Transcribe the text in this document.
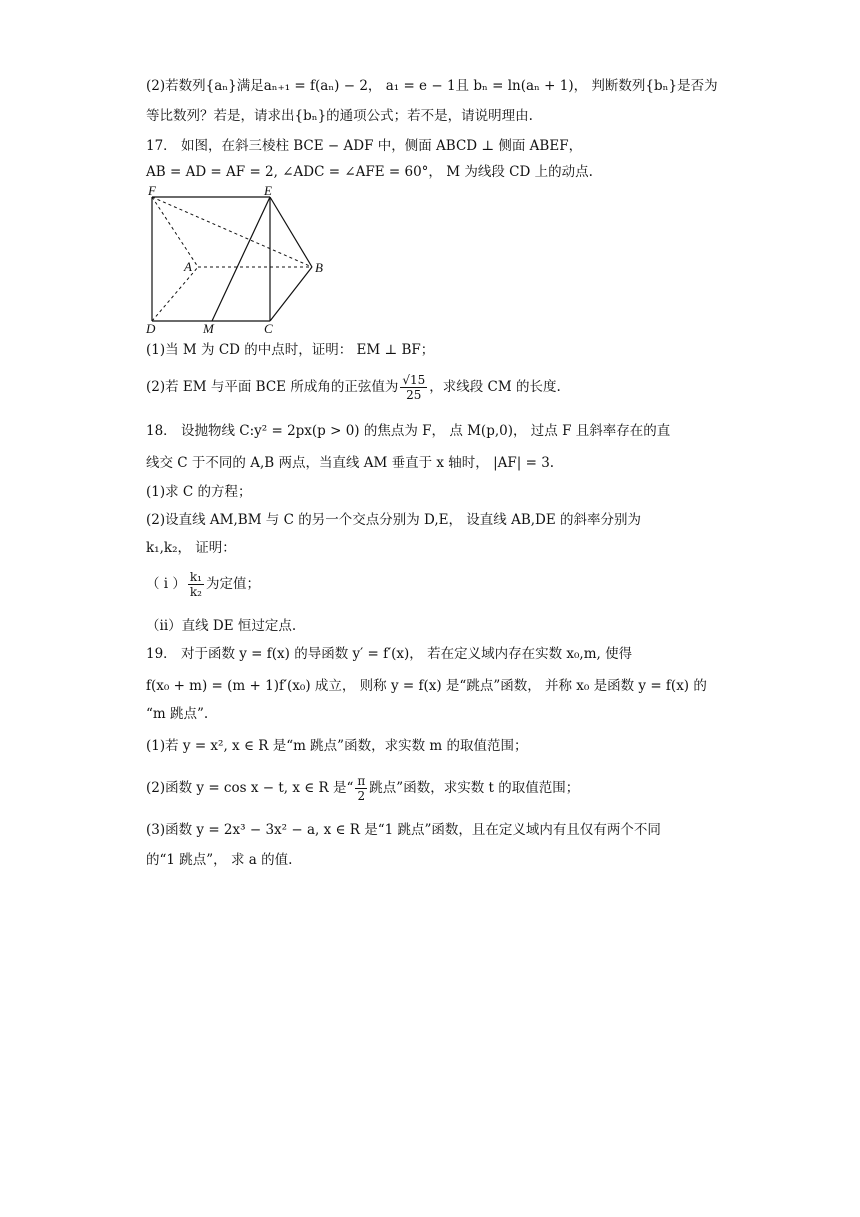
(2)若数列{aₙ}满足aₙ₊₁ = f(aₙ) − 2， a₁ = e − 1且 bₙ = ln(aₙ + 1)， 判断数列{bₙ}是否为
等比数列？若是，请求出{bₙ}的通项公式；若不是，请说明理由.
17． 如图，在斜三棱柱 BCE − ADF 中，侧面 ABCD ⊥ 侧面 ABEF，
AB = AD = AF = 2, ∠ADC = ∠AFE = 60°， M 为线段 CD 上的动点.
F	E
A	B
D	M	C
(1)当 M 为 CD 的中点时，证明： EM ⊥ BF；
(2)若 EM 与平面 BCE 所成角的正弦值为 $\frac{√15}{25}$ ，求线段 CM 的长度.
18． 设抛物线 C:y² = 2px(p > 0) 的焦点为 F， 点 M(p,0)， 过点 F 且斜率存在的直
线交 C 于不同的 A,B 两点，当直线 AM 垂直于 x 轴时， |AF| = 3.
(1)求 C 的方程；
(2)设直线 AM,BM 与 C 的另一个交点分别为 D,E， 设直线 AB,DE 的斜率分别为
k₁,k₂， 证明：
（ i ） $\frac{\text{k₁}}{\text{k₂}}$ 为定值；
（ii）直线 DE 恒过定点.
19． 对于函数 y = f(x) 的导函数 y′ = f′(x)， 若在定义域内存在实数 x₀,m, 使得
f(x₀ + m) = (m + 1)f′(x₀) 成立， 则称 y = f(x) 是“跳点”函数， 并称 x₀ 是函数 y = f(x) 的
“m 跳点”.
(1)若 y = x², x ∈ R 是“m 跳点”函数，求实数 m 的取值范围；
(2)函数 y = cos x − t, x ∈ R 是“ $\frac{\pi}{2}$ 跳点”函数，求实数 t 的取值范围；
(3)函数 y = 2x³ − 3x² − a, x ∈ R 是“1 跳点”函数，且在定义域内有且仅有两个不同
的“1 跳点”， 求 a 的值.
